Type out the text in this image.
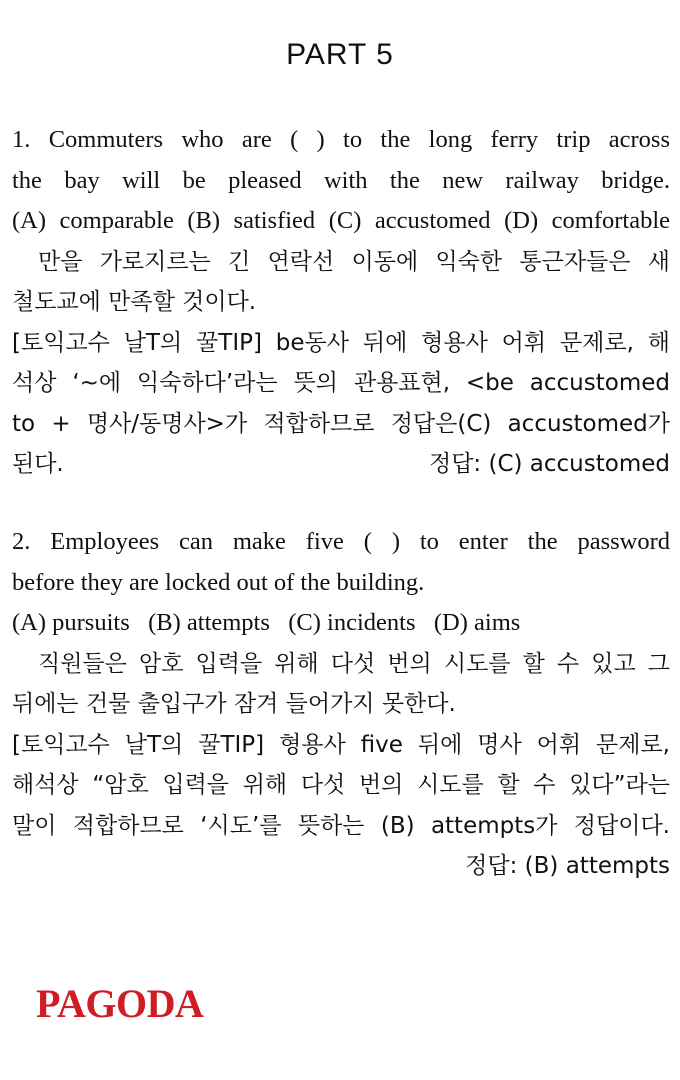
PART 5
1. Commuters who are ( ) to the long ferry trip across
the bay will be pleased with the new railway bridge.
(A) comparable (B) satisfied (C) accustomed (D) comfortable
만을 가로지르는 긴 연락선 이동에 익숙한 통근자들은 새
철도교에 만족할 것이다.
[토익고수 날T의 꿀TIP] be동사 뒤에 형용사 어휘 문제로, 해
석상 ‘~에 익숙하다’라는 뜻의 관용표현, <be accustomed
to + 명사/동명사>가 적합하므로 정답은(C) accustomed가
된다.	정답: (C) accustomed
2. Employees can make five ( ) to enter the password
before they are locked out of the building.
(A) pursuits   (B) attempts   (C) incidents   (D) aims
직원들은 암호 입력을 위해 다섯 번의 시도를 할 수 있고 그
뒤에는 건물 출입구가 잠겨 들어가지 못한다.
[토익고수 날T의 꿀TIP] 형용사 five 뒤에 명사 어휘 문제로,
해석상 “암호 입력을 위해 다섯 번의 시도를 할 수 있다”라는
말이 적합하므로 ‘시도’를 뜻하는 (B) attempts가 정답이다.
정답: (B) attempts
PAGODA
